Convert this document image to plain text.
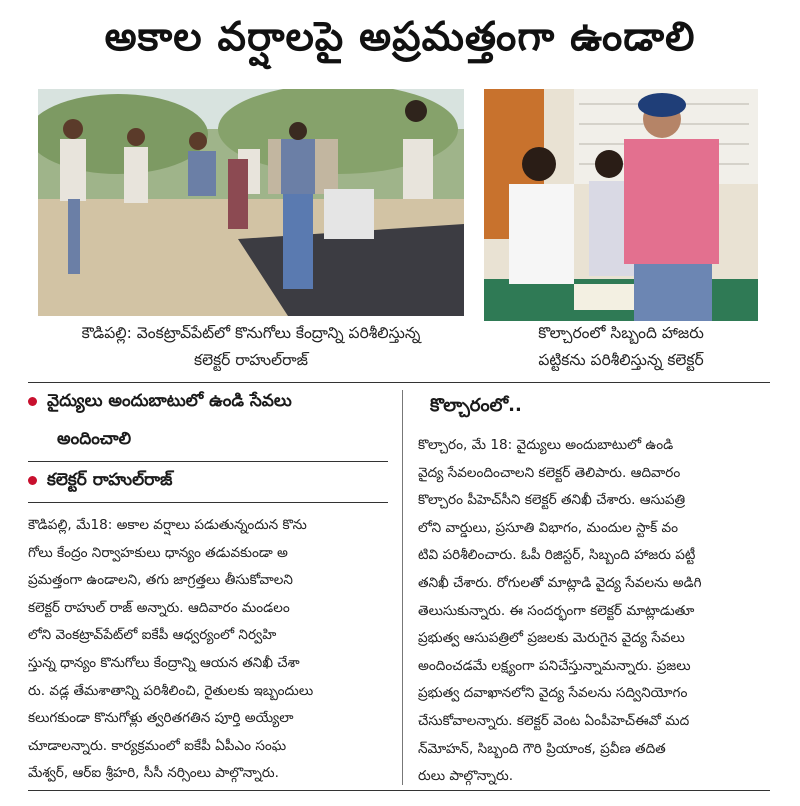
అకాల వర్షాలపై అప్రమత్తంగా ఉండాలి
కౌడిపల్లి: వెంకట్రావ్‌పేట్‌లో కొనుగోలు కేంద్రాన్ని పరిశీలిస్తున్న
కలెక్టర్ రాహుల్‌రాజ్
కొల్చారంలో సిబ్బంది హాజరు
పట్టికను పరిశీలిస్తున్న కలెక్టర్
వైద్యులు అందుబాటులో ఉండి సేవలు
అందించాలి
కలెక్టర్ రాహుల్‌రాజ్

కౌడిపల్లి, మే18: అకాల వర్షాలు పడుతున్నందున కొను

గోలు కేంద్రం నిర్వాహకులు ధాన్యం తడువకుండా అ

ప్రమత్తంగా ఉండాలని, తగు జాగ్రత్తలు తీసుకోవాలని

కలెక్టర్ రాహుల్ రాజ్ అన్నారు. ఆదివారం మండలం

లోని వెంకట్రావ్‌పేట్‌లో ఐకేపీ ఆధ్వర్యంలో నిర్వహి

స్తున్న ధాన్యం కొనుగోలు కేంద్రాన్ని ఆయన తనిఖీ చేశా

రు. వడ్ల తేమశాతాన్ని పరిశీలించి, రైతులకు ఇబ్బందులు

కలుగకుండా కొనుగోళ్లు త్వరితగతిన పూర్తి అయ్యేలా

చూడాలన్నారు. కార్యక్రమంలో ఐకేపీ ఏపీఎం సంఘ

మేశ్వర్, ఆర్ఐ శ్రీహరి, సీసీ నర్సింలు పాల్గొన్నారు.

కొల్చారంలో..

కొల్చారం, మే 18: వైద్యులు అందుబాటులో ఉండి

వైద్య సేవలందించాలని కలెక్టర్ తెలిపారు. ఆదివారం

కొల్చారం పీహెచ్‌సీని కలెక్టర్ తనిఖీ చేశారు. ఆసుపత్రి

లోని వార్డులు, ప్రసూతి విభాగం, మందుల స్టాక్ వం

టివి పరిశీలించారు. ఓపీ రిజిస్టర్, సిబ్బంది హాజరు పట్టీ

తనిఖీ చేశారు. రోగులతో మాట్లాడి వైద్య సేవలను అడిగి

తెలుసుకున్నారు. ఈ సందర్భంగా కలెక్టర్ మాట్లాడుతూ

ప్రభుత్వ ఆసుపత్రిలో ప్రజలకు మెరుగైన వైద్య సేవలు

అందించడమే లక్ష్యంగా పనిచేస్తున్నామన్నారు. ప్రజలు

ప్రభుత్వ దవాఖానలోని వైద్య సేవలను సద్వినియోగం

చేసుకోవాలన్నారు. కలెక్టర్ వెంట ఏంపీహెచ్‌ఈవో మద

న్‌మోహన్, సిబ్బంది గౌరి ప్రియాంక, ప్రవీణ తదిత

రులు పాల్గొన్నారు.
